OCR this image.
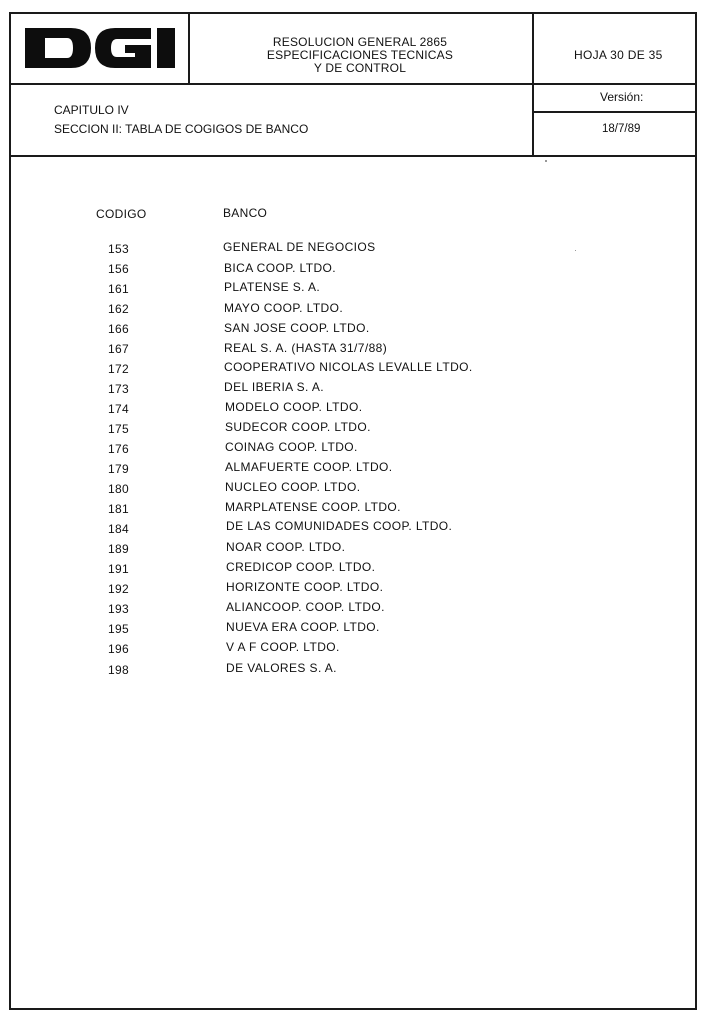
RESOLUCION GENERAL 2865
ESPECIFICACIONES TECNICAS
Y DE CONTROL
HOJA 30 DE 35
CAPITULO IV
SECCION II: TABLA DE COGIGOS DE BANCO
Versión:
18/7/89
CODIGO	BANCO
153	GENERAL DE NEGOCIOS
156	BICA COOP. LTDO.
161	PLATENSE S. A.
162	MAYO COOP. LTDO.
166	SAN JOSE COOP. LTDO.
167	REAL S. A. (HASTA 31/7/88)
172	COOPERATIVO NICOLAS LEVALLE LTDO.
173	DEL IBERIA S. A.
174	MODELO COOP. LTDO.
175	SUDECOR COOP. LTDO.
176	COINAG COOP. LTDO.
179	ALMAFUERTE COOP. LTDO.
180	NUCLEO COOP. LTDO.
181	MARPLATENSE COOP. LTDO.
184	DE LAS COMUNIDADES COOP. LTDO.
189	NOAR COOP. LTDO.
191	CREDICOP COOP. LTDO.
192	HORIZONTE COOP. LTDO.
193	ALIANCOOP. COOP. LTDO.
195	NUEVA ERA COOP. LTDO.
196	V A F COOP. LTDO.
198	DE VALORES S. A.
